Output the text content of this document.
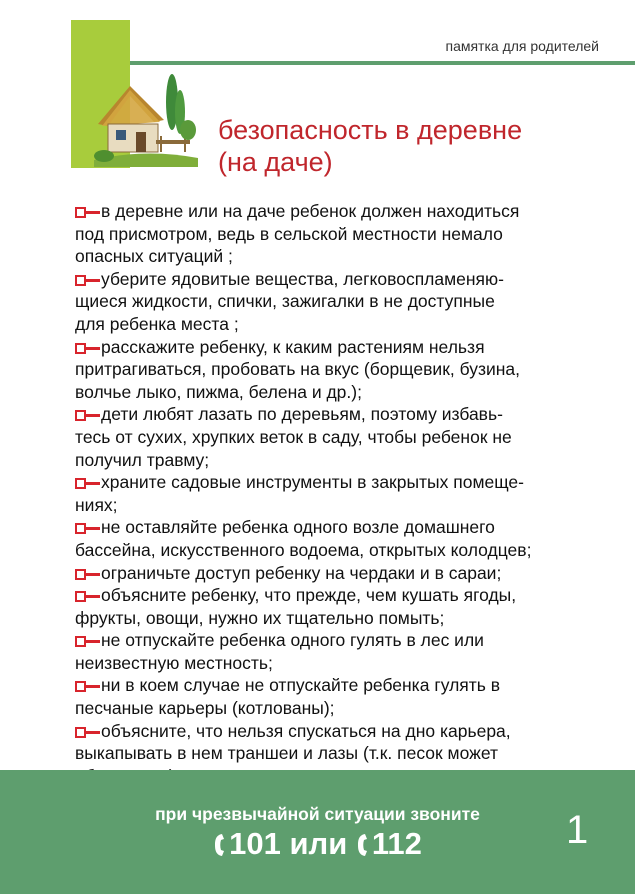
памятка для родителей
безопасность в деревне
(на даче)
в деревне или на даче ребенок должен находиться
под присмотром, ведь в сельской местности немало
опасных ситуаций ;
уберите ядовитые вещества, легковоспламеняю-
щиеся жидкости, спички, зажигалки в не доступные
для ребенка места ;
расскажите ребенку, к каким растениям нельзя
притрагиваться, пробовать на вкус (борщевик, бузина,
волчье лыко, пижма, белена и др.);
дети любят лазать по деревьям, поэтому избавь-
тесь от сухих, хрупких веток в саду, чтобы ребенок не
получил травму;
храните садовые инструменты в закрытых помеще-
ниях;
не оставляйте ребенка одного возле домашнего
бассейна, искусственного водоема, открытых колодцев;
ограничьте доступ ребенку на чердаки и в сараи;
объясните ребенку, что прежде, чем кушать ягоды,
фрукты, овощи, нужно их тщательно помыть;
не отпускайте ребенка одного гулять в лес или
неизвестную местность;
ни в коем случае не отпускайте ребенка гулять в
песчаные карьеры (котлованы);
объясните, что нельзя спускаться на дно карьера,
выкапывать в нем траншеи и лазы (т.к. песок может
при чрезвычайной ситуации звоните
101 или 112	1
